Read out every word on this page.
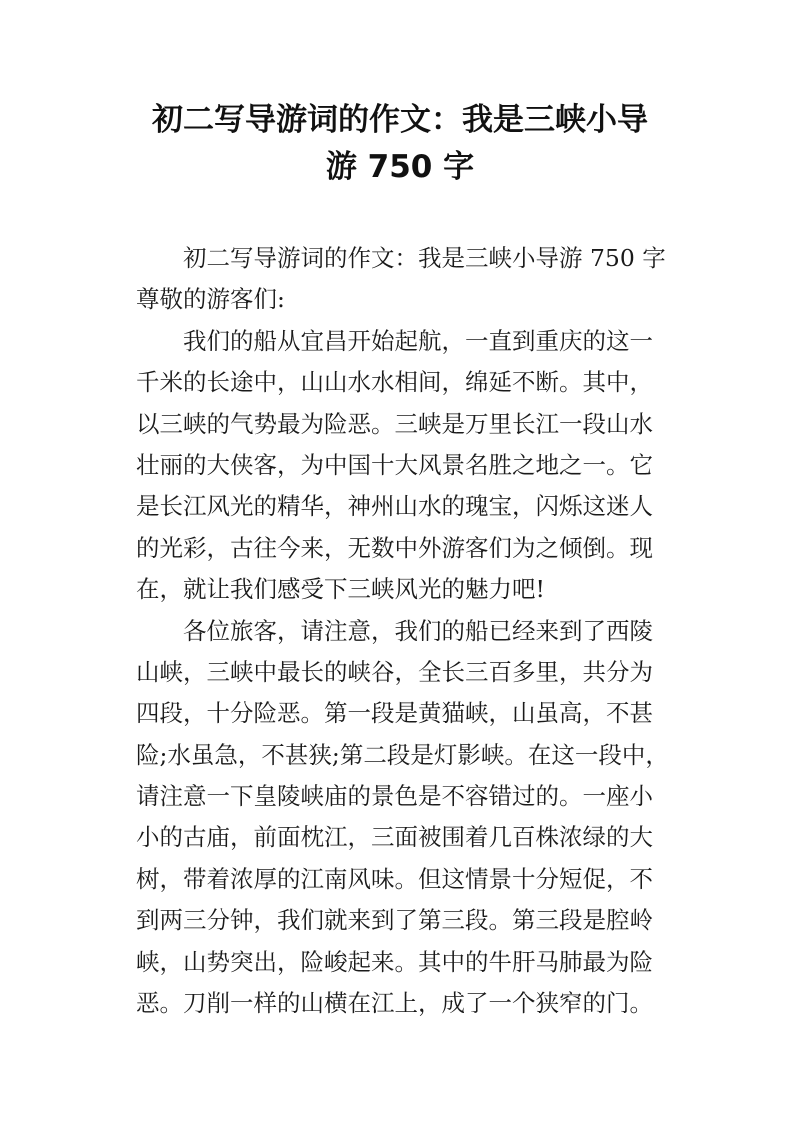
初二写导游词的作文：我是三峡小导
游 750 字
初二写导游词的作文：我是三峡小导游 750 字
尊敬的游客们:
我们的船从宜昌开始起航，一直到重庆的这一
千米的长途中，山山水水相间，绵延不断。其中，
以三峡的气势最为险恶。三峡是万里长江一段山水
壮丽的大侠客，为中国十大风景名胜之地之一。它
是长江风光的精华，神州山水的瑰宝，闪烁这迷人
的光彩，古往今来，无数中外游客们为之倾倒。现
在，就让我们感受下三峡风光的魅力吧!
各位旅客，请注意，我们的船已经来到了西陵
山峡，三峡中最长的峡谷，全长三百多里，共分为
四段，十分险恶。第一段是黄猫峡，山虽高，不甚
险;水虽急，不甚狭;第二段是灯影峡。在这一段中，
请注意一下皇陵峡庙的景色是不容错过的。一座小
小的古庙，前面枕江，三面被围着几百株浓绿的大
树，带着浓厚的江南风味。但这情景十分短促，不
到两三分钟，我们就来到了第三段。第三段是腔岭
峡，山势突出，险峻起来。其中的牛肝马肺最为险
恶。刀削一样的山横在江上，成了一个狭窄的门。
